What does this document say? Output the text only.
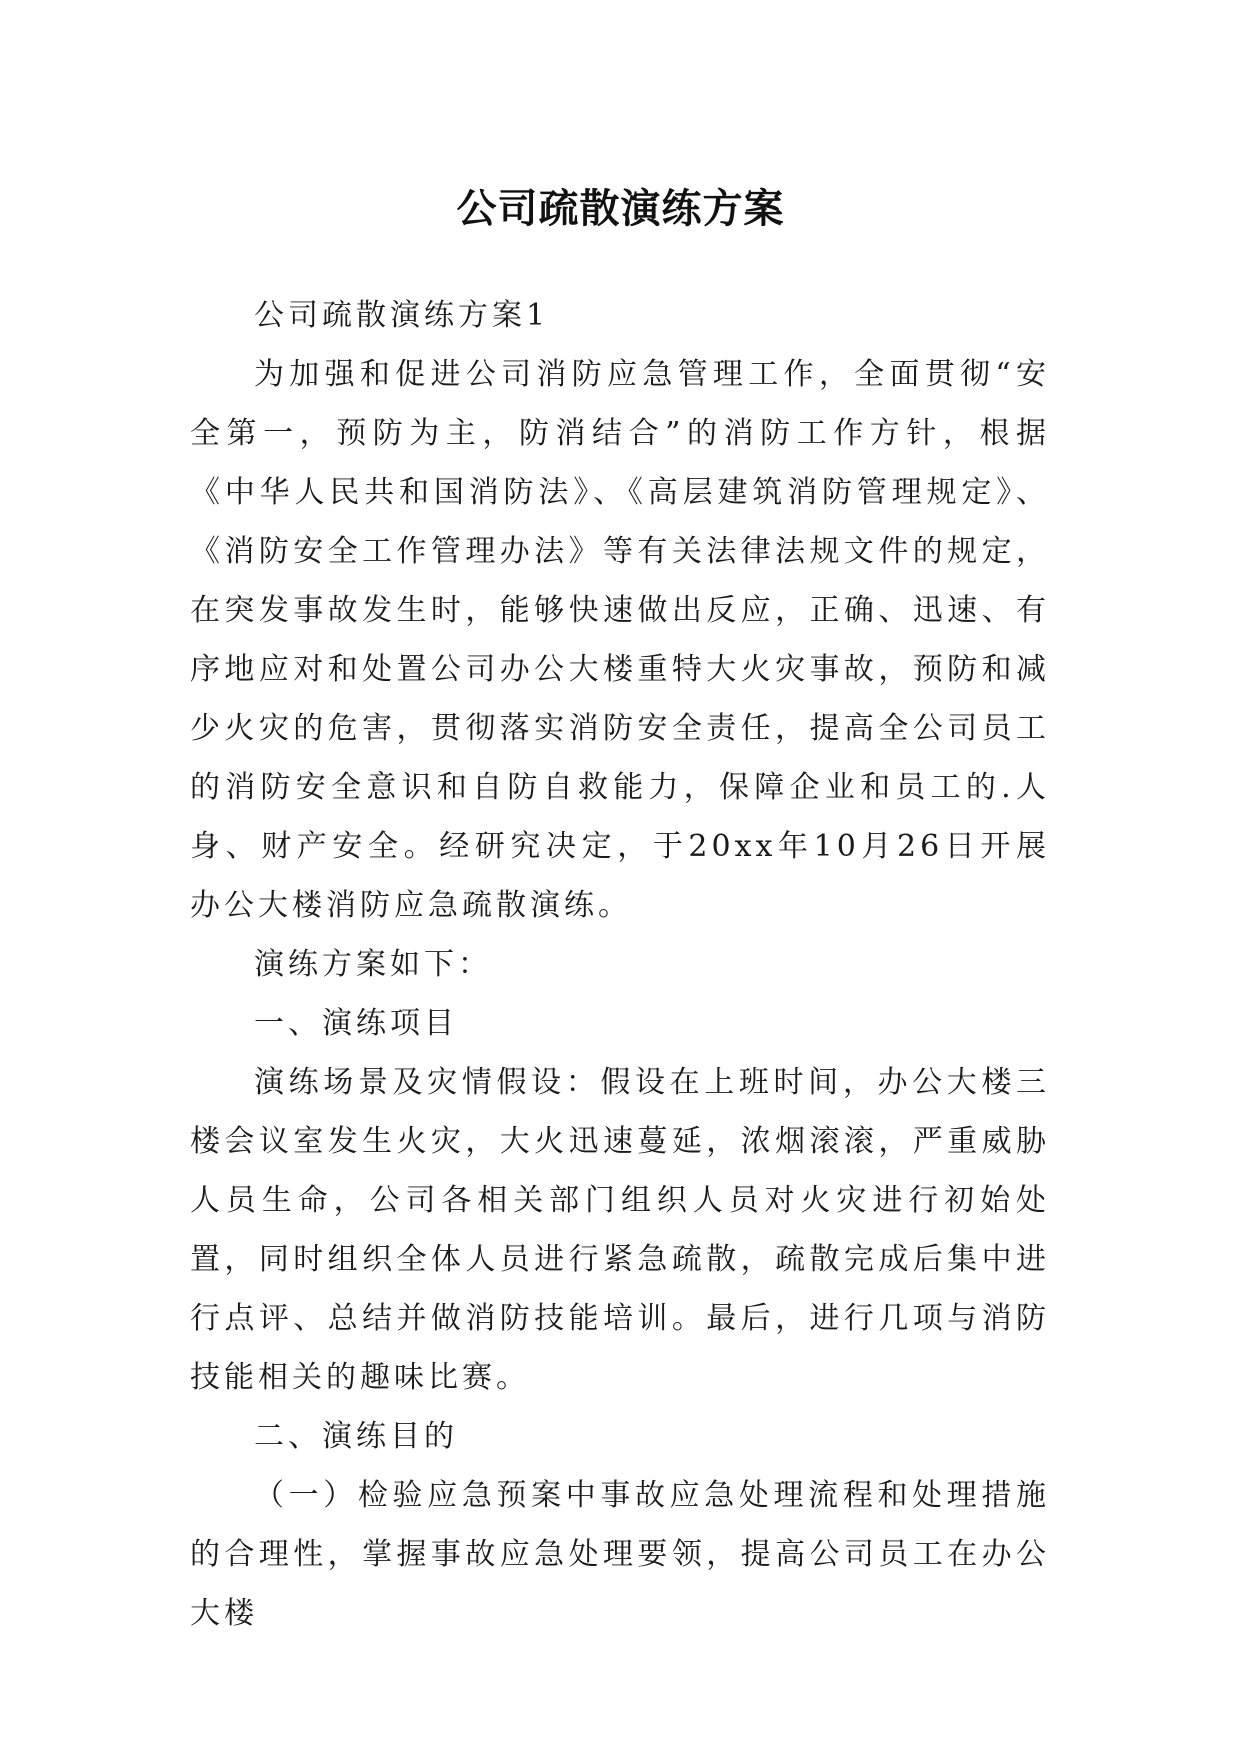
公司疏散演练方案

公司疏散演练方案1

为加强和促进公司消防应急管理工作，全面贯彻“安全第一，预防为主，防消结合”的消防工作方针，根据《中华人民共和国消防法》、《高层建筑消防管理规定》、《消防安全工作管理办法》等有关法律法规文件的规定，在突发事故发生时，能够快速做出反应，正确、迅速、有序地应对和处置公司办公大楼重特大火灾事故，预防和减少火灾的危害，贯彻落实消防安全责任，提高全公司员工的消防安全意识和自防自救能力，保障企业和员工的.人身、财产安全。经研究决定，于20xx年10月26日开展办公大楼消防应急疏散演练。

演练方案如下：

一、演练项目

演练场景及灾情假设：假设在上班时间，办公大楼三楼会议室发生火灾，大火迅速蔓延，浓烟滚滚，严重威胁人员生命，公司各相关部门组织人员对火灾进行初始处置，同时组织全体人员进行紧急疏散，疏散完成后集中进行点评、总结并做消防技能培训。最后，进行几项与消防技能相关的趣味比赛。

二、演练目的

（一）检验应急预案中事故应急处理流程和处理措施的合理性，掌握事故应急处理要领，提高公司员工在办公大楼
